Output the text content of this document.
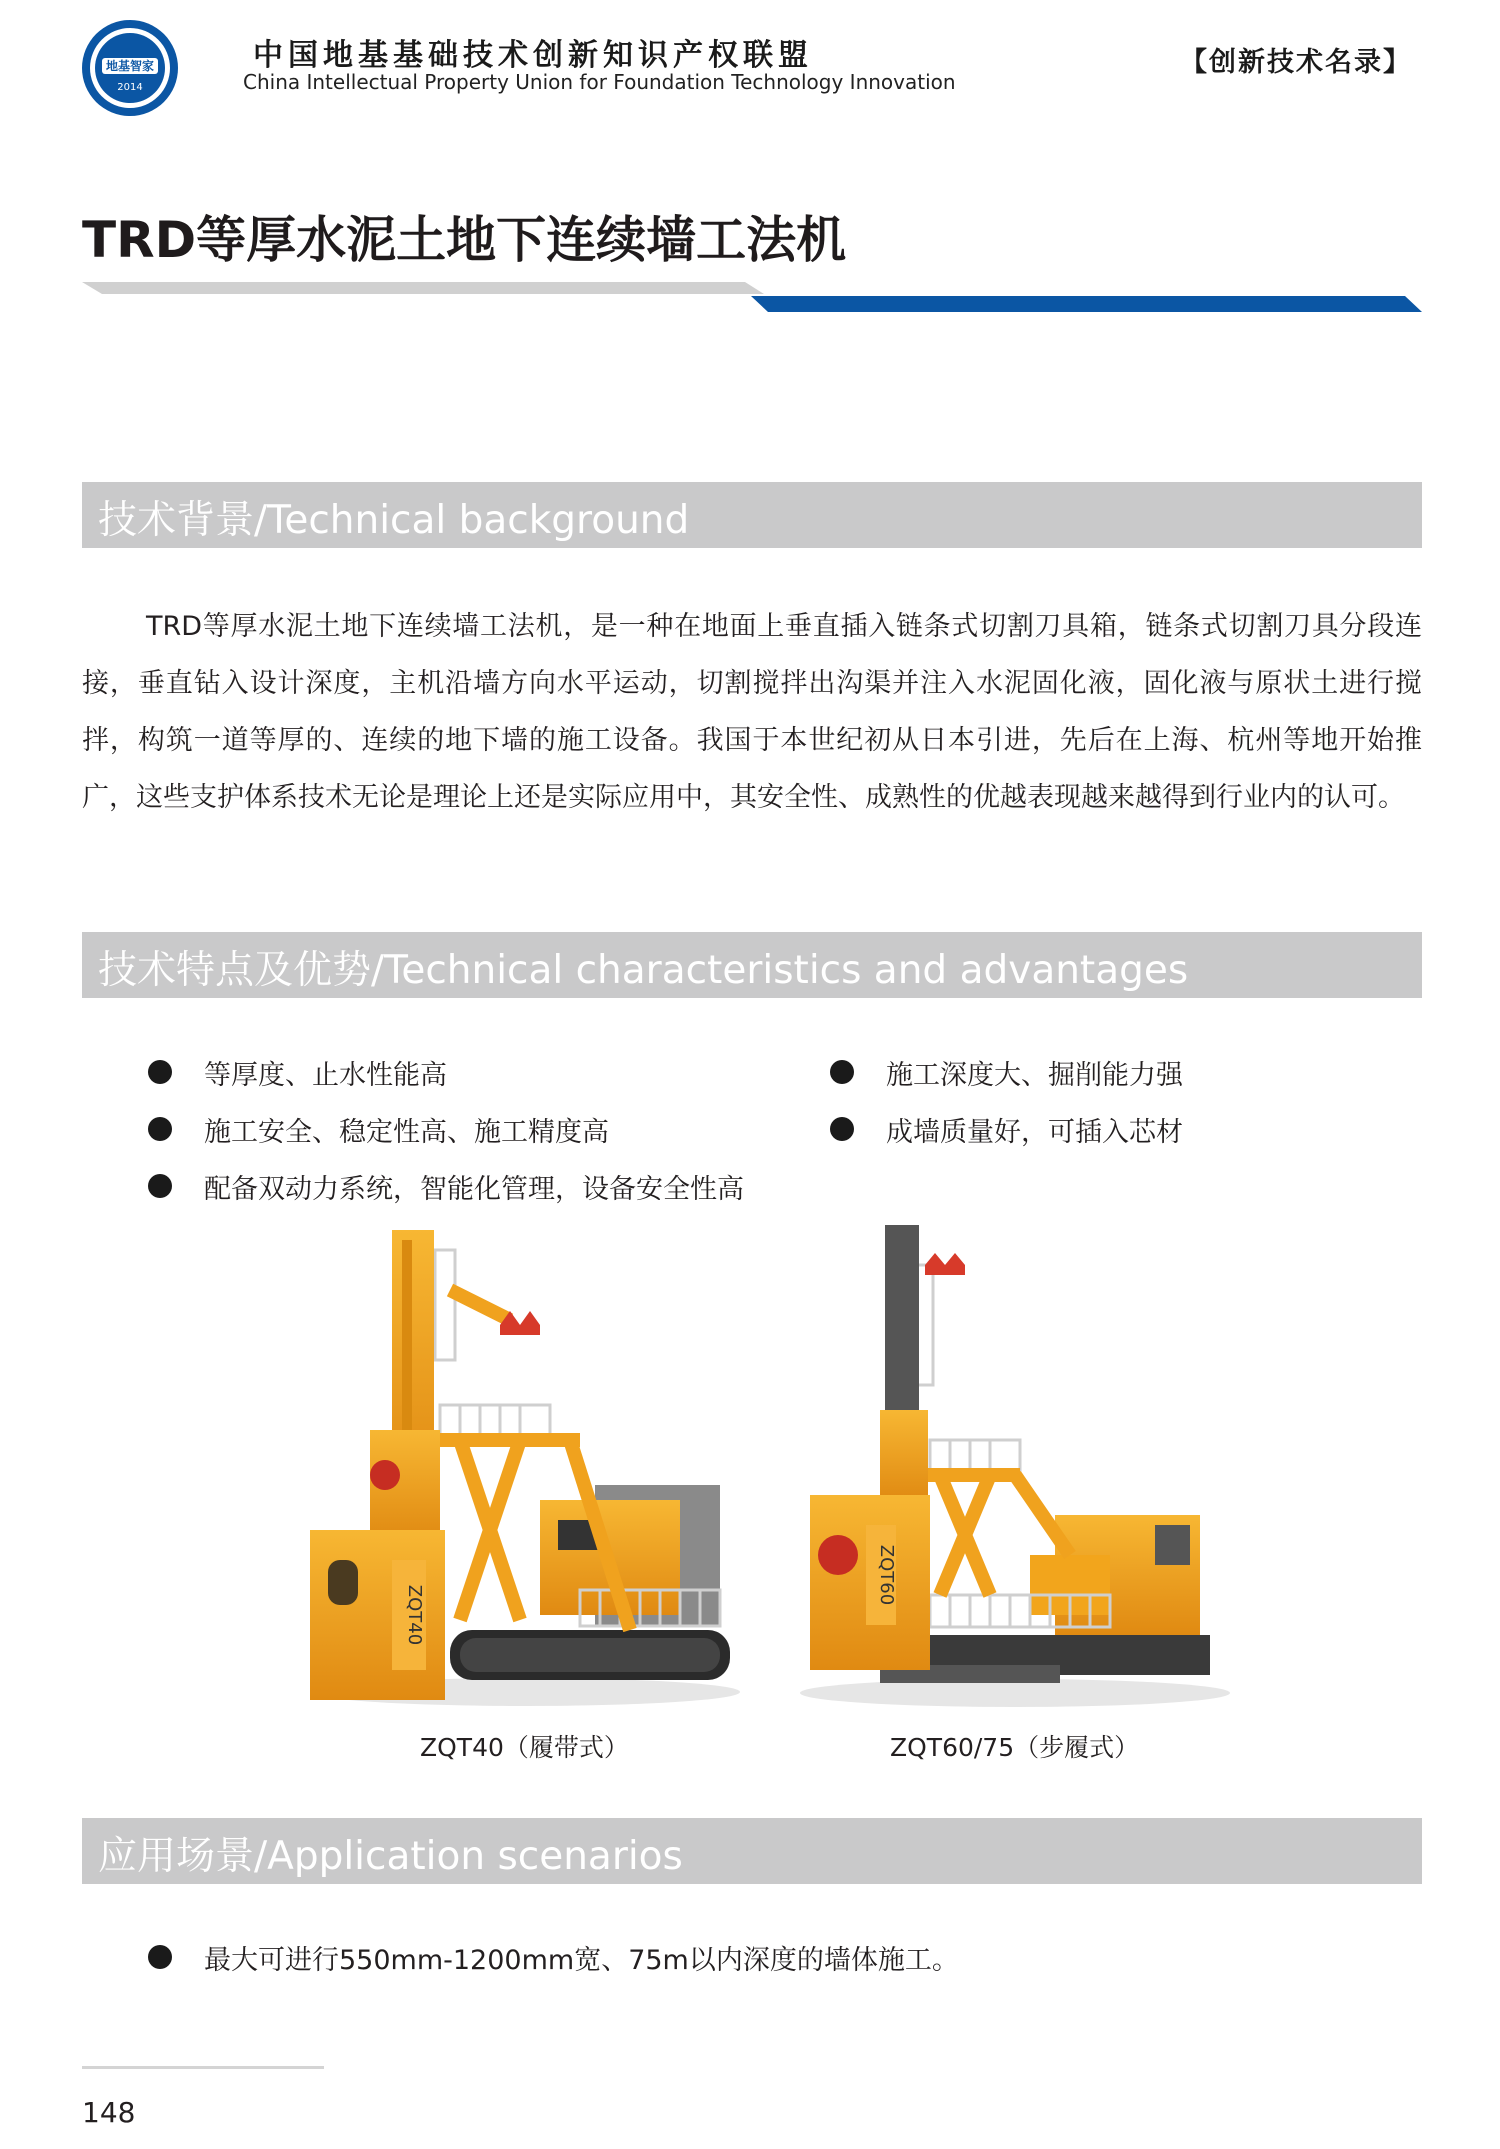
地基智家
2014
中国地基基础技术创新知识产权联盟
China Intellectual Property Union for Foundation Technology Innovation
【创新技术名录】
TRD等厚水泥土地下连续墙工法机
技术背景/Technical background
TRD等厚水泥土地下连续墙工法机，是一种在地面上垂直插入链条式切割刀具箱，链条式切割刀具分段连接，垂直钻入设计深度，主机沿墙方向水平运动，切割搅拌出沟渠并注入水泥固化液，固化液与原状土进行搅拌，构筑一道等厚的、连续的地下墙的施工设备。我国于本世纪初从日本引进，先后在上海、杭州等地开始推广，这些支护体系技术无论是理论上还是实际应用中，其安全性、成熟性的优越表现越来越得到行业内的认可。
技术特点及优势/Technical characteristics and advantages
等厚度、止水性能高	施工深度大、掘削能力强
施工安全、稳定性高、施工精度高	成墙质量好，可插入芯材
配备双动力系统，智能化管理，设备安全性高
ZQT40
ZQT40（履带式）
ZQT60
ZQT60/75（步履式）
应用场景/Application scenarios
最大可进行550mm-1200mm宽、75m以内深度的墙体施工。
148
